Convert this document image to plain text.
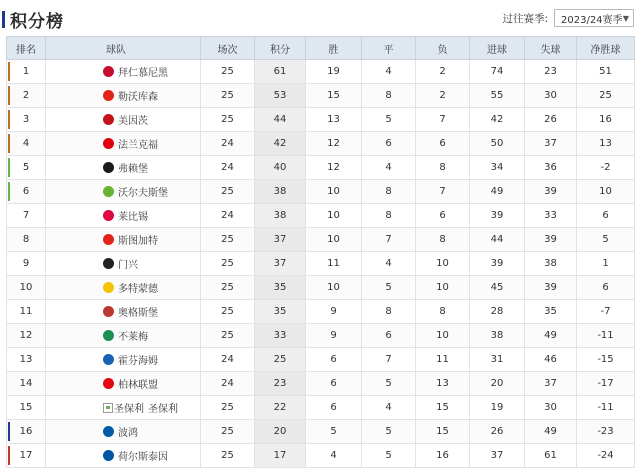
积分榜	过往赛季: 2023/24赛季 ▼
排名	球队	场次	积分	胜	平	负	进球	失球	净胜球

1	拜仁慕尼黑	25	61	19	4	2	74	23	51

2	勒沃库森	25	53	15	8	2	55	30	25

3	美因茨	25	44	13	5	7	42	26	16

4	法兰克福	24	42	12	6	6	50	37	13

5	弗赖堡	24	40	12	4	8	34	36	-2

6	沃尔夫斯堡	25	38	10	8	7	49	39	10
7	莱比锡	24	38	10	8	6	39	33	6
8	斯图加特	25	37	10	7	8	44	39	5
9	门兴	25	37	11	4	10	39	38	1
10	多特蒙德	25	35	10	5	10	45	39	6
11	奥格斯堡	25	35	9	8	8	28	35	-7
12	不莱梅	25	33	9	6	10	38	49	-11
13	霍芬海姆	24	25	6	7	11	31	46	-15
14	柏林联盟	24	23	6	5	13	20	37	-17
15	圣保利 圣保利	25	22	6	4	15	19	30	-11

16	波鸿	25	20	5	5	15	26	49	-23

17	荷尔斯泰因	25	17	4	5	16	37	61	-24
